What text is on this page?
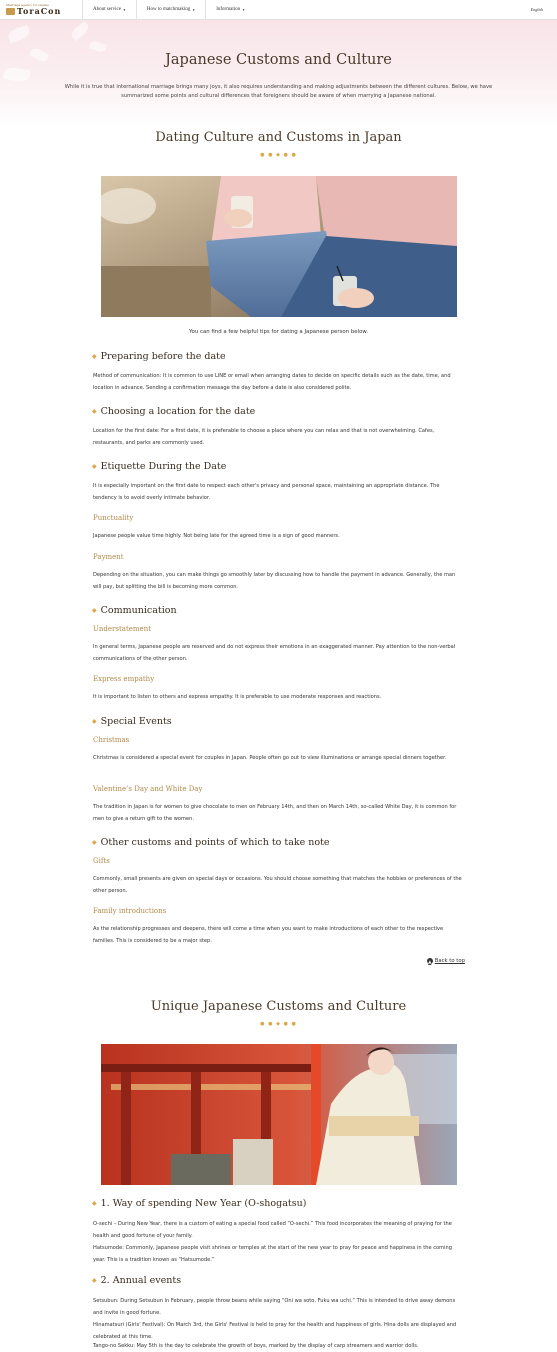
Marriage agency for singles
ToraCon	About service ▼	How to matchmaking ▼	Information ▼	English
Japanese Customs and Culture

While it is true that international marriage brings many joys, it also requires understanding and making adjustments between the different cultures. Below, we have summarized some points and cultural differences that foreigners should be aware of when marrying a Japanese national.

Dating Culture and Customs in Japan
● ● ◆ ● ●
You can find a few helpful tips for dating a Japanese person below.
◆ Preparing before the date
Method of communication: It is common to use LINE or email when arranging dates to decide on specific details such as the date, time, and location in advance. Sending a confirmation message the day before a date is also considered polite.
◆ Choosing a location for the date
Location for the first date: For a first date, it is preferable to choose a place where you can relax and that is not overwhelming. Cafes, restaurants, and parks are commonly used.
◆ Etiquette During the Date
It is especially important on the first date to respect each other's privacy and personal space, maintaining an appropriate distance. The tendency is to avoid overly intimate behavior.
Punctuality
Japanese people value time highly. Not being late for the agreed time is a sign of good manners.
Payment
Depending on the situation, you can make things go smoothly later by discussing how to handle the payment in advance. Generally, the man will pay, but splitting the bill is becoming more common.
◆ Communication
Understatement
In general terms, Japanese people are reserved and do not express their emotions in an exaggerated manner. Pay attention to the non-verbal communications of the other person.
Express empathy
It is important to listen to others and express empathy. It is preferable to use moderate responses and reactions.
◆ Special Events
Christmas
Christmas is considered a special event for couples in Japan. People often go out to view illuminations or arrange special dinners together.
Valentine’s Day and White Day
The tradition in Japan is for women to give chocolate to men on February 14th, and then on March 14th, so-called White Day, it is common for men to give a return gift to the women.
◆ Other customs and points of which to take note
Gifts
Commonly, small presents are given on special days or occasions. You should choose something that matches the hobbies or preferences of the other person.
Family introductions
As the relationship progresses and deepens, there will come a time when you want to make introductions of each other to the respective families. This is considered to be a major step.
▲ Back to top
Unique Japanese Customs and Culture
● ● ◆ ● ●
◆ 1. Way of spending New Year (O-shogatsu)
O-sechi – During New Year, there is a custom of eating a special food called “O-sechi.” This food incorporates the meaning of praying for the health and good fortune of your family.
Hatsumode: Commonly, Japanese people visit shrines or temples at the start of the new year to pray for peace and happiness in the coming year. This is a tradition known as “Hatsumode.”
◆ 2. Annual events
Setsubun: During Setsubun in February, people throw beans while saying “Oni wa soto, Fuku wa uchi.” This is intended to drive away demons and invite in good fortune.
Hinamatsuri (Girls' Festival): On March 3rd, the Girls' Festival is held to pray for the health and happiness of girls. Hina dolls are displayed and celebrated at this time.
Tango-no Sekku: May 5th is the day to celebrate the growth of boys, marked by the display of carp streamers and warrior dolls.
